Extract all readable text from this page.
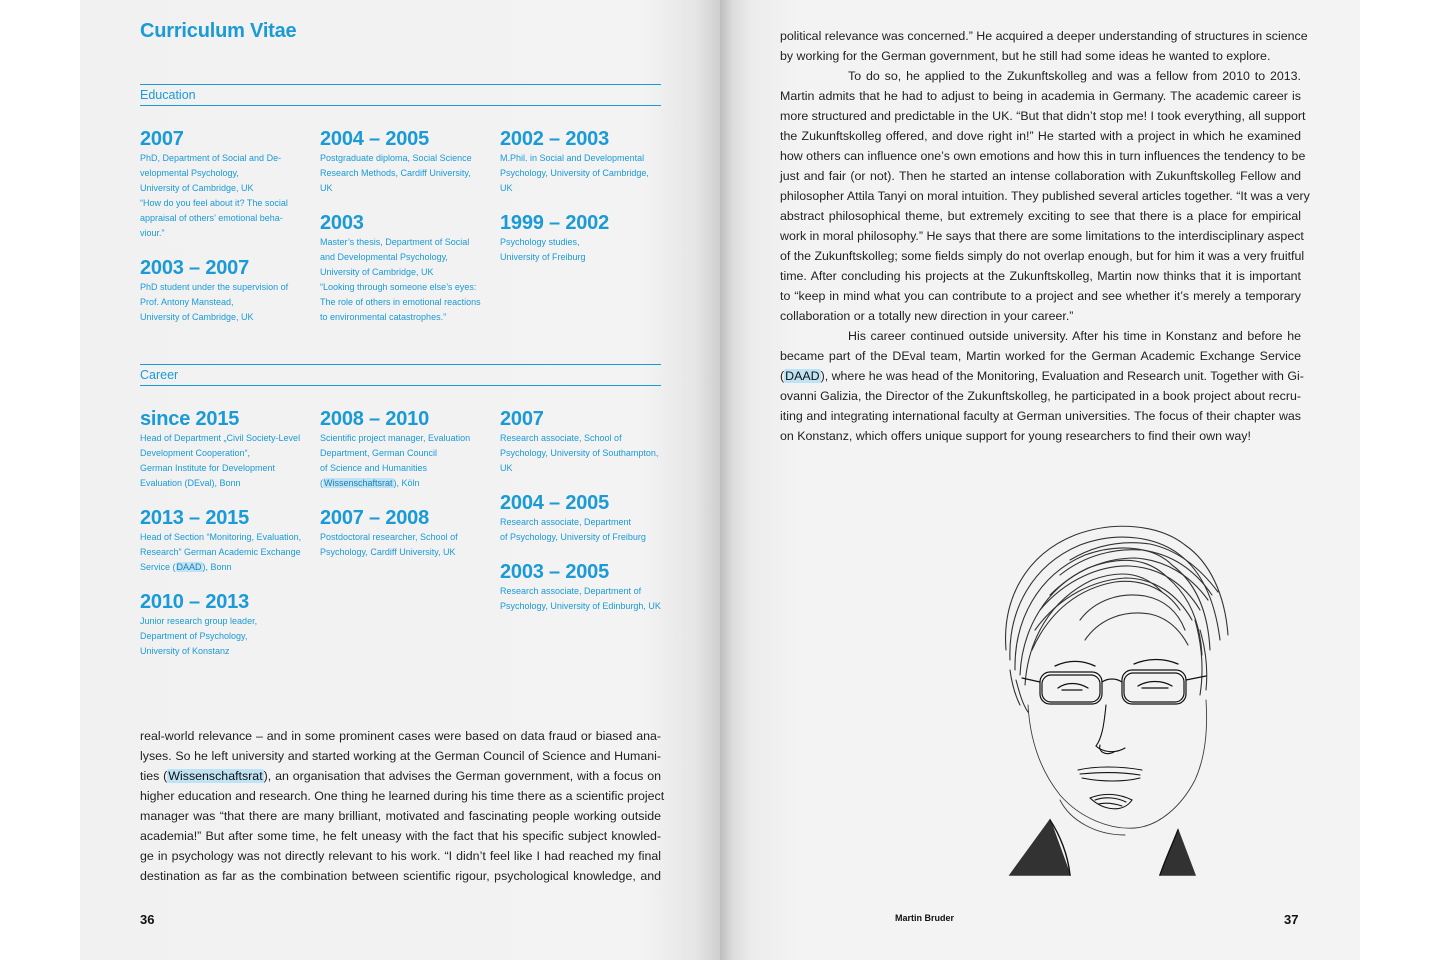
Curriculum Vitae
Education
2007
PhD, Department of Social and De-
velopmental Psychology,
University of Cambridge, UK
“How do you feel about it? The social
appraisal of others’ emotional beha-
viour.”
2003 – 2007
PhD student under the supervision of
Prof. Antony Manstead,
University of Cambridge, UK
2004 – 2005
Postgraduate diploma, Social Science
Research Methods, Cardiff University,
UK
2003
Master’s thesis, Department of Social
and Developmental Psychology,
University of Cambridge, UK
“Looking through someone else’s eyes:
The role of others in emotional reactions
to environmental catastrophes.”
2002 – 2003
M.Phil. in Social and Developmental
Psychology, University of Cambridge,
UK
1999 – 2002
Psychology studies,
University of Freiburg
Career
since 2015
Head of Department „Civil Society-Level
Development Cooperation“,
German Institute for Development
Evaluation (DEval), Bonn
2013 – 2015
Head of Section “Monitoring, Evaluation,
Research” German Academic Exchange
Service (DAAD), Bonn
2010 – 2013
Junior research group leader,
Department of Psychology,
University of Konstanz
2008 – 2010
Scientific project manager, Evaluation
Department, German Council
of Science and Humanities
(Wissenschaftsrat), Köln
2007 – 2008
Postdoctoral researcher, School of
Psychology, Cardiff University, UK
2007
Research associate, School of
Psychology, University of Southampton,
UK
2004 – 2005
Research associate, Department
of Psychology, University of Freiburg
2003 – 2005
Research associate, Department of
Psychology, University of Edinburgh, UK
real-world relevance – and in some prominent cases were based on data fraud or biased ana-
lyses. So he left university and started working at the German Council of Science and Humani-
ties (Wissenschaftsrat), an organisation that advises the German government, with a focus on
higher education and research. One thing he learned during his time there as a scientific project
manager was “that there are many brilliant, motivated and fascinating people working outside
academia!” But after some time, he felt uneasy with the fact that his specific subject knowled-
ge in psychology was not directly relevant to his work. “I didn’t feel like I had reached my final
destination as far as the combination between scientific rigour, psychological knowledge, and
36
political relevance was concerned.” He acquired a deeper understanding of structures in science
by working for the German government, but he still had some ideas he wanted to explore.
To do so, he applied to the Zukunftskolleg and was a fellow from 2010 to 2013.
Martin admits that he had to adjust to being in academia in Germany. The academic career is
more structured and predictable in the UK. “But that didn’t stop me! I took everything, all support
the Zukunftskolleg offered, and dove right in!” He started with a project in which he examined
how others can influence one’s own emotions and how this in turn influences the tendency to be
just and fair (or not). Then he started an intense collaboration with Zukunftskolleg Fellow and
philosopher Attila Tanyi on moral intuition. They published several articles together. “It was a very
abstract philosophical theme, but extremely exciting to see that there is a place for empirical
work in moral philosophy.” He says that there are some limitations to the interdisciplinary aspect
of the Zukunftskolleg; some fields simply do not overlap enough, but for him it was a very fruitful
time. After concluding his projects at the Zukunftskolleg, Martin now thinks that it is important
to “keep in mind what you can contribute to a project and see whether it’s merely a temporary
collaboration or a totally new direction in your career.”
His career continued outside university. After his time in Konstanz and before he
became part of the DEval team, Martin worked for the German Academic Exchange Service
(DAAD), where he was head of the Monitoring, Evaluation and Research unit. Together with Gi-
ovanni Galizia, the Director of the Zukunftskolleg, he participated in a book project about recru-
iting and integrating international faculty at German universities. The focus of their chapter was
on Konstanz, which offers unique support for young researchers to find their own way!
Martin Bruder	37
